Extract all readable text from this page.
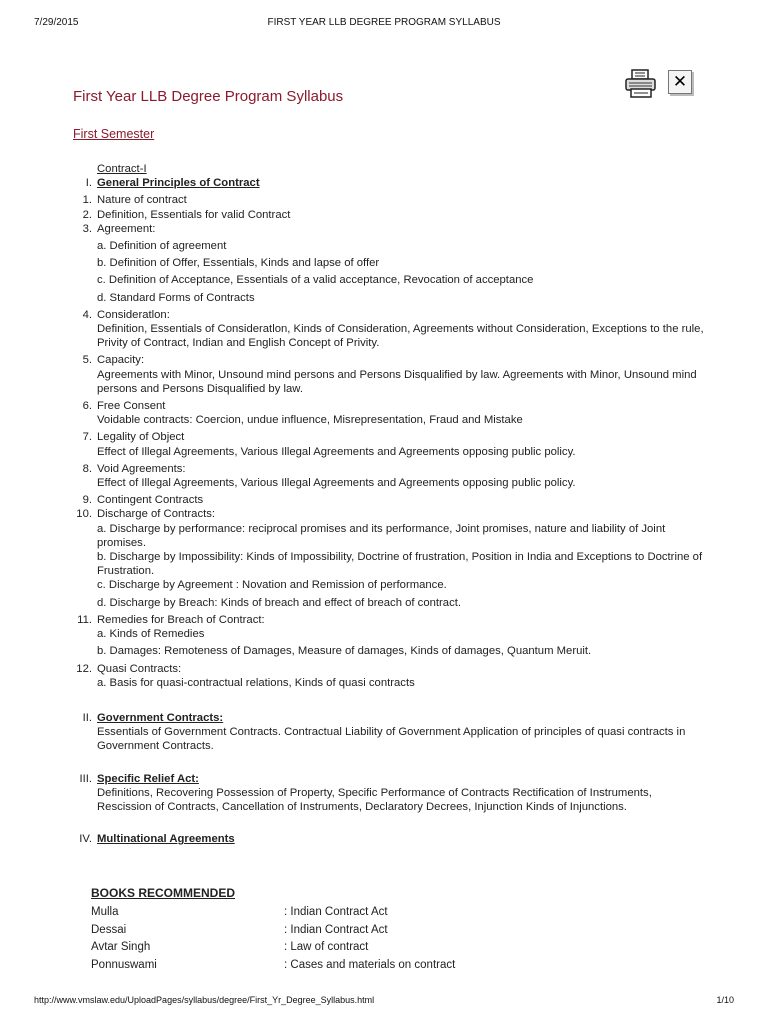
7/29/2015	FIRST YEAR LLB DEGREE PROGRAM SYLLABUS
First Year LLB Degree Program Syllabus
✕
First Semester
Contract-I
I. General Principles of Contract
1. Nature of contract
2. Definition, Essentials for valid Contract
3. Agreement:
a. Definition of agreement
b. Definition of Offer, Essentials, Kinds and lapse of offer
c. Definition of Acceptance, Essentials of a valid acceptance, Revocation of acceptance
d. Standard Forms of Contracts
4. Consideratlon:
Definition, Essentials of Consideratlon, Kinds of Consideration, Agreements without Consideration, Exceptions to the rule, Privity of Contract, Indian and English Concept of Privity.
5. Capacity:
Agreements with Minor, Unsound mind persons and Persons Disqualified by law. Agreements with Minor, Unsound mind persons and Persons Disqualified by law.
6. Free Consent
Voidable contracts: Coercion, undue influence, Misrepresentation, Fraud and Mistake
7. Legality of Object
Effect of Illegal Agreements, Various Illegal Agreements and Agreements opposing public policy.
8. Void Agreements:
Effect of Illegal Agreements, Various Illegal Agreements and Agreements opposing public policy.
9. Contingent Contracts
10. Discharge of Contracts:
a. Discharge by performance: reciprocal promises and its performance, Joint promises, nature and liability of Joint promises.
b. Discharge by Impossibility: Kinds of Impossibility, Doctrine of frustration, Position in India and Exceptions to Doctrine of Frustration.
c. Discharge by Agreement : Novation and Remission of performance.
d. Discharge by Breach: Kinds of breach and effect of breach of contract.
11. Remedies for Breach of Contract:
a. Kinds of Remedies
b. Damages: Remoteness of Damages, Measure of damages, Kinds of damages, Quantum Meruit.
12. Quasi Contracts:
a. Basis for quasi-contractual relations, Kinds of quasi contracts
II. Government Contracts:
Essentials of Government Contracts. Contractual Liability of Government Application of principles of quasi contracts in Government Contracts.
III. Specific Relief Act:
Definitions, Recovering Possession of Property, Specific Performance of Contracts Rectification of Instruments, Rescission of Contracts, Cancellation of Instruments, Declaratory Decrees, Injunction Kinds of Injunctions.
IV. Multinational Agreements
BOOKS RECOMMENDED
Mulla	: Indian Contract Act
Dessai	: Indian Contract Act
Avtar Singh	: Law of contract
Ponnuswami	: Cases and materials on contract
http://www.vmslaw.edu/UploadPages/syllabus/degree/First_Yr_Degree_Syllabus.html	1/10
